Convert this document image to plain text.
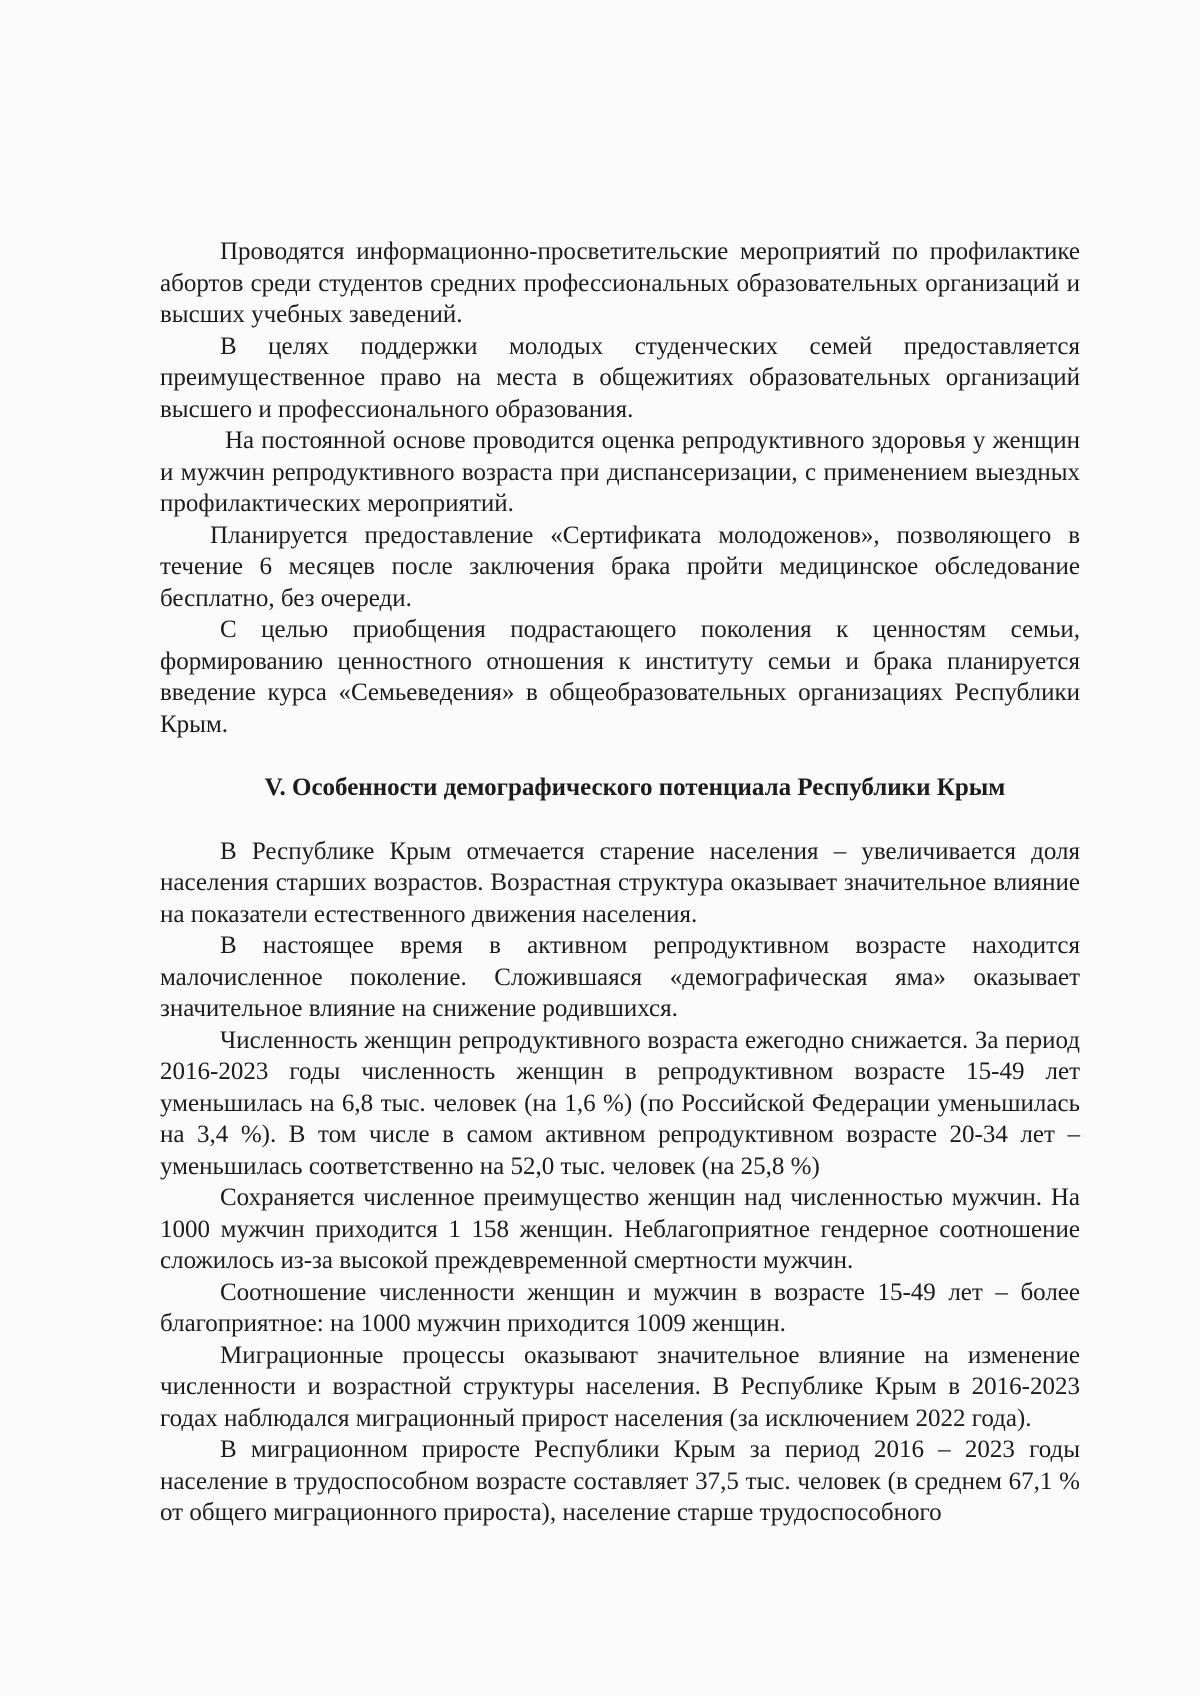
Проводятся информационно-просветительские мероприятий по профилактике абортов среди студентов средних профессиональных образовательных организаций и высших учебных заведений.

В целях поддержки молодых студенческих семей предоставляется преимущественное право на места в общежитиях образовательных организаций высшего и профессионального образования.

На постоянной основе проводится оценка репродуктивного здоровья у женщин и мужчин репродуктивного возраста при диспансеризации, с применением выездных профилактических мероприятий.

Планируется предоставление «Сертификата молодоженов», позволяющего в течение 6 месяцев после заключения брака пройти медицинское обследование бесплатно, без очереди.

С целью приобщения подрастающего поколения к ценностям семьи, формированию ценностного отношения к институту семьи и брака планируется введение курса «Семьеведения» в общеобразовательных организациях Республики Крым.

V. Особенности демографического потенциала Республики Крым

В Республике Крым отмечается старение населения – увеличивается доля населения старших возрастов. Возрастная структура оказывает значительное влияние на показатели естественного движения населения.

В настоящее время в активном репродуктивном возрасте находится малочисленное поколение. Сложившаяся «демографическая яма» оказывает значительное влияние на снижение родившихся.

Численность женщин репродуктивного возраста ежегодно снижается. За период 2016-2023 годы численность женщин в репродуктивном возрасте 15-49 лет уменьшилась на 6,8 тыс. человек (на 1,6 %) (по Российской Федерации уменьшилась на 3,4 %). В том числе в самом активном репродуктивном возрасте 20-34 лет – уменьшилась соответственно на 52,0 тыс. человек (на 25,8 %)

Сохраняется численное преимущество женщин над численностью мужчин. На 1000 мужчин приходится 1 158 женщин. Неблагоприятное гендерное соотношение сложилось из-за высокой преждевременной смертности мужчин.

Соотношение численности женщин и мужчин в возрасте 15-49 лет – более благоприятное: на 1000 мужчин приходится 1009 женщин.

Миграционные процессы оказывают значительное влияние на изменение численности и возрастной структуры населения. В Республике Крым в 2016-2023 годах наблюдался миграционный прирост населения (за исключением 2022 года).

В миграционном приросте Республики Крым за период 2016 – 2023 годы население в трудоспособном возрасте составляет 37,5 тыс. человек (в среднем 67,1 % от общего миграционного прироста), население старше трудоспособного
